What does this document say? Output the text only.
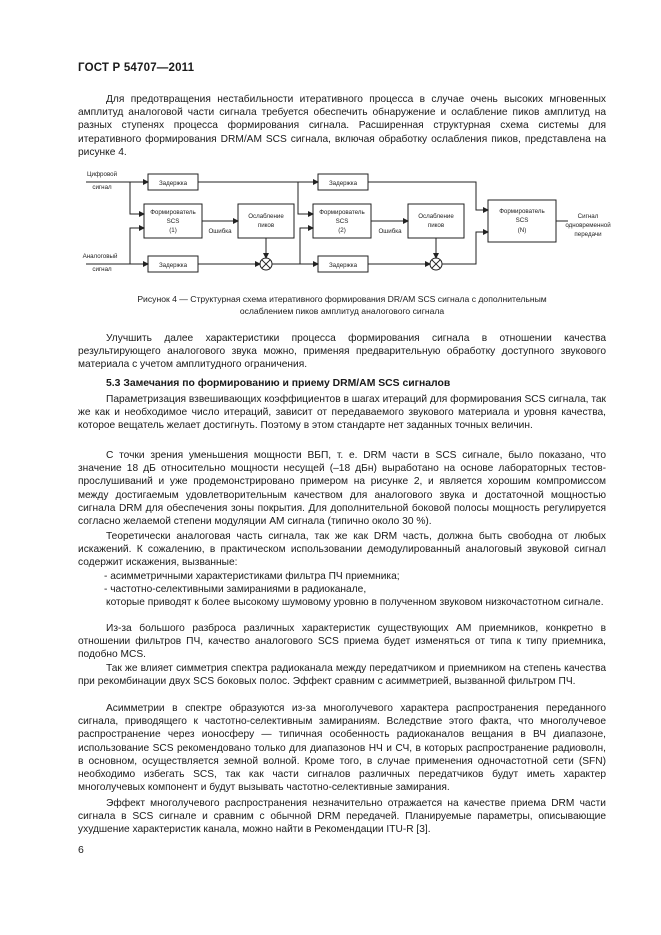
ГОСТ Р 54707—2011

Для предотвращения нестабильности итеративного процесса в случае очень высоких мгновенных амплитуд аналоговой части сигнала требуется обеспечить обнаружение и ослабление пиков амплитуд на разных ступенях процесса формирования сигнала. Расширенная структурная схема системы для итеративного формирования DRM/AM SCS сигнала, включая обработку ослабления пиков, представлена на рисунке 4.

Цифровой
сигнал
Аналоговый
сигнал
Задержка
Задержка
Задержка
Задержка
Формирователь
SCS
(1)
Формирователь
SCS
(2)
Формирователь
SCS
(N)
Ослабление
пиков
Ослабление
пиков
Ошибка	Ошибка
Сигнал
одновременной
передачи
Рисунок 4 — Структурная схема итеративного формирования DR/AM SCS сигнала с дополнительным
ослаблением пиков амплитуд аналогового сигнала

Улучшить далее характеристики процесса формирования сигнала в отношении качества результирующего аналогового звука можно, применяя предварительную обработку доступного звукового материала с учетом амплитудного ограничения.

5.3 Замечания по формированию и приему DRM/AM SCS сигналов

Параметризация взвешивающих коэффициентов в шагах итераций для формирования SCS сигнала, так же как и необходимое число итераций, зависит от передаваемого звукового материала и уровня качества, которое вещатель желает достигнуть. Поэтому в этом стандарте нет заданных точных величин.

С точки зрения уменьшения мощности ВБП, т. е. DRM части в SCS сигнале, было показано, что значение 18 дБ относительно мощности несущей (–18 дБн) выработано на основе лабораторных тестов-прослушиваний и уже продемонстрировано примером на рисунке 2, и является хорошим компромиссом между достигаемым удовлетворительным качеством для аналогового звука и достаточной мощностью сигнала DRM для обеспечения зоны покрытия. Для дополнительной боковой полосы мощность регулируется согласно желаемой степени модуляции АМ сигнала (типично около 30 %).

Теоретически аналоговая часть сигнала, так же как DRM часть, должна быть свободна от любых искажений. К сожалению, в практическом использовании демодулированный аналоговый звуковой сигнал содержит искажения, вызванные:

- асимметричными характеристиками фильтра ПЧ приемника;
- частотно-селективными замираниями в радиоканале,

которые приводят к более высокому шумовому уровню в полученном звуковом низкочастотном сигнале.

Из-за большого разброса различных характеристик существующих АМ приемников, конкретно в отношении фильтров ПЧ, качество аналогового SCS приема будет изменяться от типа к типу приемника, подобно MCS.

Так же влияет симметрия спектра радиоканала между передатчиком и приемником на степень качества при рекомбинации двух SCS боковых полос. Эффект сравним с асимметрией, вызванной фильтром ПЧ.

Асимметрии в спектре образуются из-за многолучевого характера распространения переданного сигнала, приводящего к частотно-селективным замираниям. Вследствие этого факта, что многолучевое распространение через ионосферу — типичная особенность радиоканалов вещания в ВЧ диапазоне, использование SCS рекомендовано только для диапазонов НЧ и СЧ, в которых распространение радиоволн, в основном, осуществляется земной волной. Кроме того, в случае применения одночастотной сети (SFN) необходимо избегать SCS, так как части сигналов различных передатчиков будут иметь характер многолучевых компонент и будут вызывать частотно-селективные замирания.

Эффект многолучевого распространения незначительно отражается на качестве приема DRM части сигнала в SCS сигнале и сравним с обычной DRM передачей. Планируемые параметры, описывающие ухудшение характеристик канала, можно найти в Рекомендации ITU-R [3].

6
